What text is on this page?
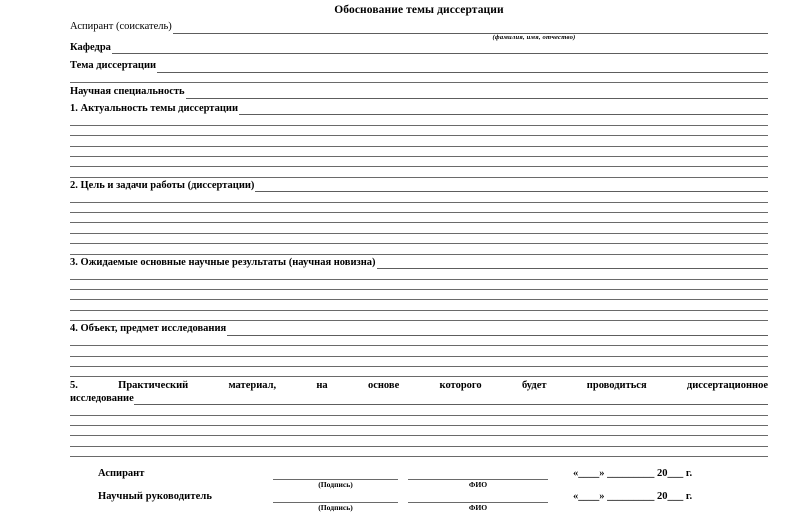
Обоснование темы диссертации
Аспирант (соискатель)
(фамилия, имя, отчество)
Кафедра
Тема диссертации
Научная специальность
1. Актуальность темы диссертации
2. Цель и задачи работы (диссертации)
3. Ожидаемые основные научные результаты (научная новизна)
4. Объект, предмет исследования
5. Практический материал, на основе которого будет проводиться диссертационное
исследование
Аспирант	«____» _________ 20___ г.
(Подпись)	ФИО
Научный руководитель	«____» _________ 20___ г.
(Подпись)	ФИО
